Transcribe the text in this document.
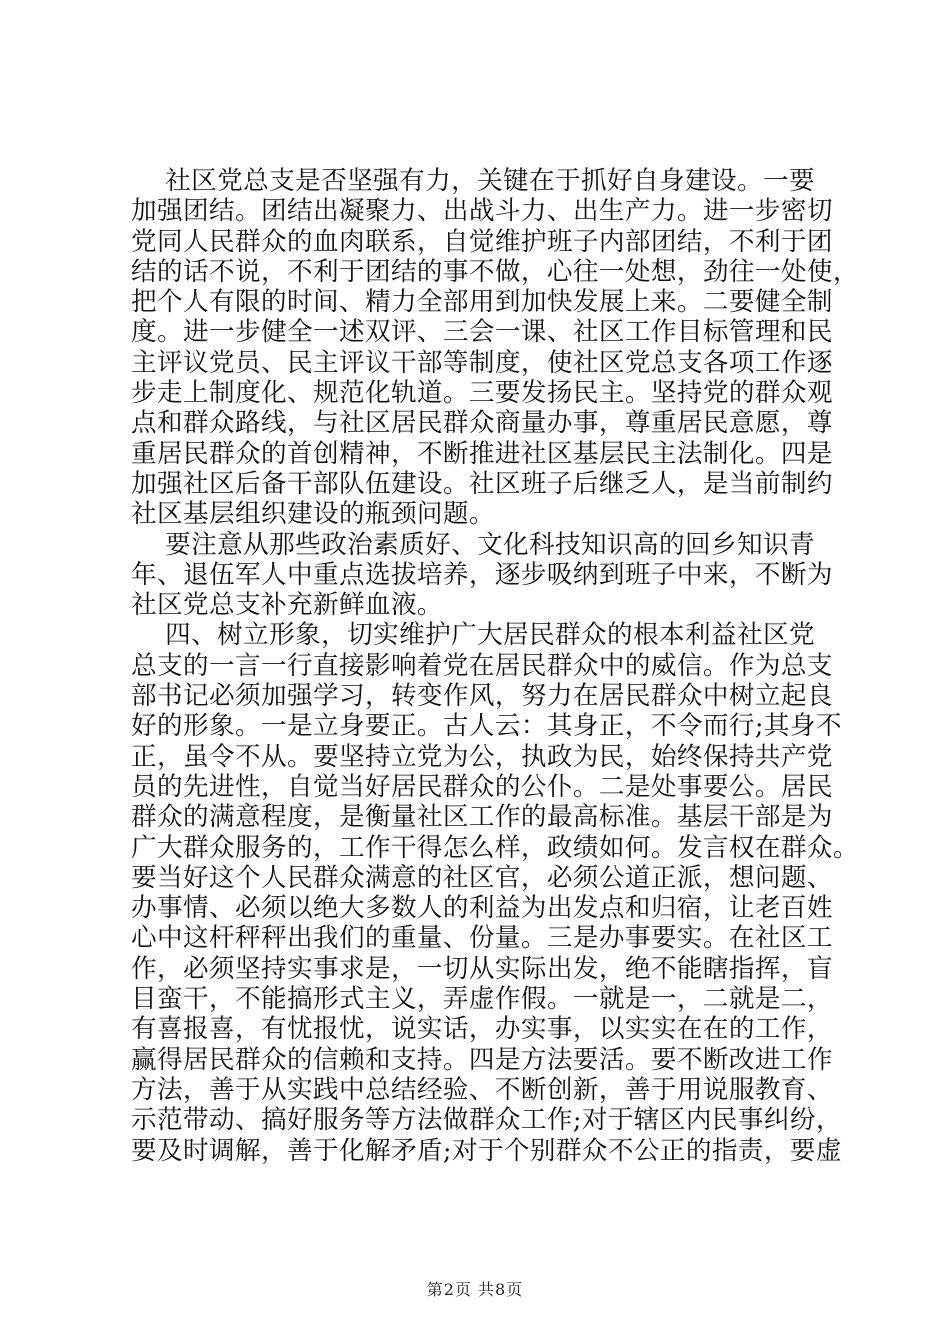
社区党总支是否坚强有力，关键在于抓好自身建设。一要
加强团结。团结出凝聚力、出战斗力、出生产力。进一步密切
党同人民群众的血肉联系，自觉维护班子内部团结，不利于团
结的话不说，不利于团结的事不做，心往一处想，劲往一处使，
把个人有限的时间、精力全部用到加快发展上来。二要健全制
度。进一步健全一述双评、三会一课、社区工作目标管理和民
主评议党员、民主评议干部等制度，使社区党总支各项工作逐
步走上制度化、规范化轨道。三要发扬民主。坚持党的群众观
点和群众路线，与社区居民群众商量办事，尊重居民意愿，尊
重居民群众的首创精神，不断推进社区基层民主法制化。四是
加强社区后备干部队伍建设。社区班子后继乏人，是当前制约
社区基层组织建设的瓶颈问题。
要注意从那些政治素质好、文化科技知识高的回乡知识青
年、退伍军人中重点选拔培养，逐步吸纳到班子中来，不断为
社区党总支补充新鲜血液。
四、树立形象，切实维护广大居民群众的根本利益社区党
总支的一言一行直接影响着党在居民群众中的威信。作为总支
部书记必须加强学习，转变作风，努力在居民群众中树立起良
好的形象。一是立身要正。古人云：其身正，不令而行;其身不
正，虽令不从。要坚持立党为公，执政为民，始终保持共产党
员的先进性，自觉当好居民群众的公仆。二是处事要公。居民
群众的满意程度，是衡量社区工作的最高标准。基层干部是为
广大群众服务的，工作干得怎么样，政绩如何。发言权在群众。
要当好这个人民群众满意的社区官，必须公道正派，想问题、
办事情、必须以绝大多数人的利益为出发点和归宿，让老百姓
心中这杆秤秤出我们的重量、份量。三是办事要实。在社区工
作，必须坚持实事求是，一切从实际出发，绝不能瞎指挥，盲
目蛮干，不能搞形式主义，弄虚作假。一就是一，二就是二，
有喜报喜，有忧报忧，说实话，办实事，以实实在在的工作，
赢得居民群众的信赖和支持。四是方法要活。要不断改进工作
方法，善于从实践中总结经验、不断创新，善于用说服教育、
示范带动、搞好服务等方法做群众工作;对于辖区内民事纠纷，
要及时调解，善于化解矛盾;对于个别群众不公正的指责，要虚
第2页 共8页
